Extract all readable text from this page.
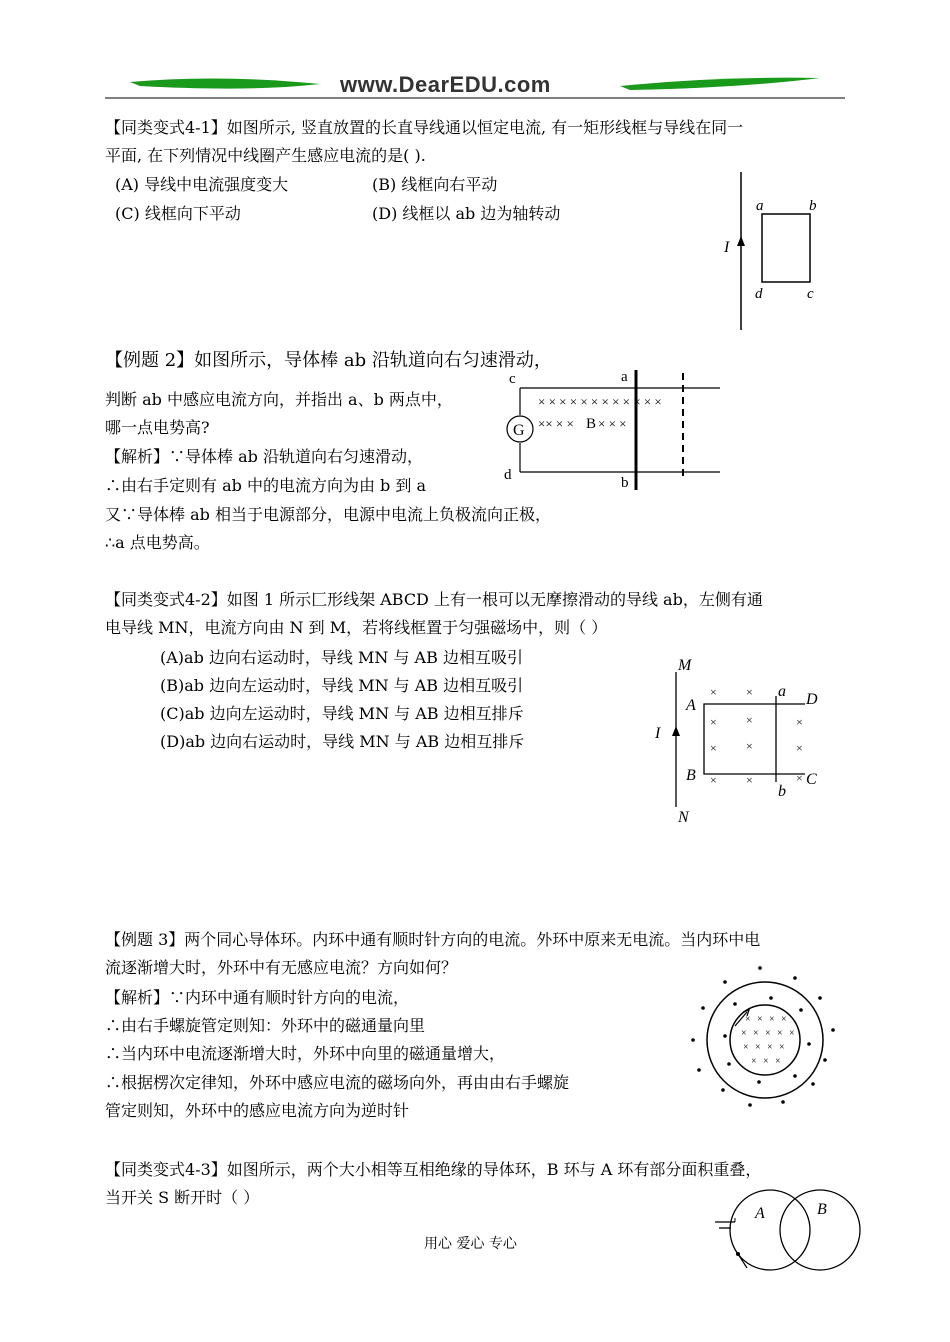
www.DearEDU.com
【同类变式4-1】如图所示, 竖直放置的长直导线通以恒定电流, 有一矩形线框与导线在同一
平面, 在下列情况中线圈产生感应电流的是( ).
(A) 导线中电流强度变大	(B) 线框向右平动
(C) 线框向下平动	(D) 线框以 ab 边为轴转动
I
a	b
c
d
【例题 2】如图所示，导体棒 ab 沿轨道向右匀速滑动，
判断 ab 中感应电流方向，并指出 a、b 两点中，
哪一点电势高?
【解析】∵导体棒 ab 沿轨道向右匀速滑动，
∴由右手定则有 ab 中的电流方向为由 b 到 a
又∵导体棒 ab 相当于电源部分，电源中电流上负极流向正极，
∴a 点电势高。
G
× × × × × × × × × × × ×
×× × × B × × ×
c	a
d	b
【同类变式4-2】如图 1 所示匚形线架 ABCD 上有一根可以无摩擦滑动的导线 ab，左侧有通
电导线 MN，电流方向由 N 到 M，若将线框置于匀强磁场中，则（ ）
(A)ab 边向右运动时，导线 MN 与 AB 边相互吸引
(B)ab 边向左运动时，导线 MN 与 AB 边相互吸引
(C)ab 边向左运动时，导线 MN 与 AB 边相互排斥
(D)ab 边向右运动时，导线 MN 与 AB 边相互排斥
M
N
I
A
B
D
C
a
b
× ×
× ×	×
× ×	×
× ×	×
【例题 3】两个同心导体环。内环中通有顺时针方向的电流。外环中原来无电流。当内环中电
流逐渐增大时，外环中有无感应电流？方向如何？
【解析】∵内环中通有顺时针方向的电流，
∴由右手螺旋管定则知：外环中的磁通量向里
∴当内环中电流逐渐增大时，外环中向里的磁通量增大，
∴根据楞次定律知，外环中感应电流的磁场向外，再由由右手螺旋
管定则知，外环中的感应电流方向为逆时针
× × × ×
× × × × ×
× × × ×
× × ×
【同类变式4-3】如图所示，两个大小相等互相绝缘的导体环，B 环与 A 环有部分面积重叠，
当开关 S 断开时（ ）
A	B
用心 爱心 专心
